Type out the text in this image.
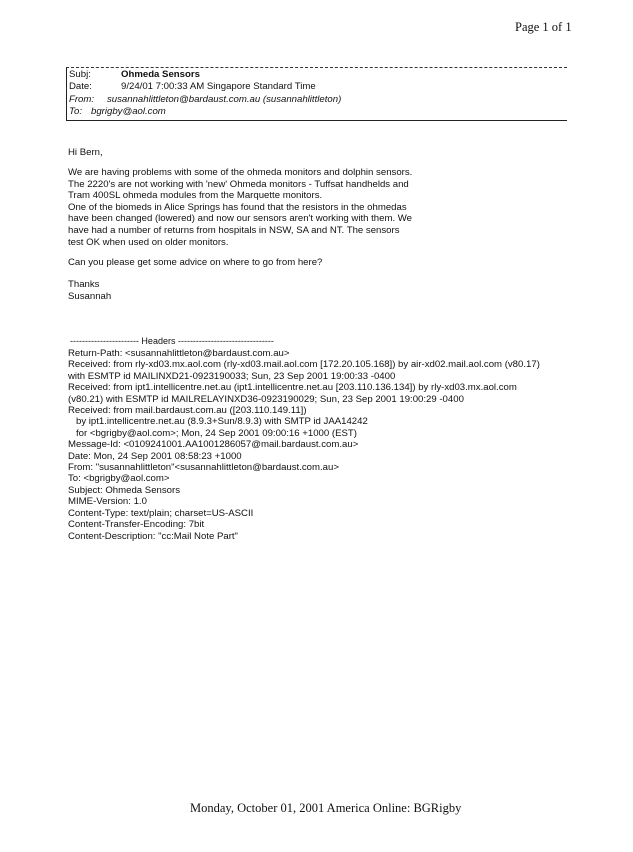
Page 1 of 1
Subj:	Ohmeda Sensors
Date:	9/24/01 7:00:33 AM Singapore Standard Time
From: susannahlittleton@bardaust.com.au (susannahlittleton)
To: bgrigby@aol.com
Hi Bern,
We are having problems with some of the ohmeda monitors and dolphin sensors.
The 2220's are not working with 'new' Ohmeda monitors - Tuffsat handhelds and
Tram 400SL ohmeda modules from the Marquette monitors.
One of the biomeds in Alice Springs has found that the resistors in the ohmedas
have been changed (lowered) and now our sensors aren't working with them. We
have had a number of returns from hospitals in NSW, SA and NT. The sensors
test OK when used on older monitors.
Can you please get some advice on where to go from here?
Thanks
Susannah
----------------------- Headers --------------------------------
Return-Path: <susannahlittleton@bardaust.com.au>
Received: from rly-xd03.mx.aol.com (rly-xd03.mail.aol.com [172.20.105.168]) by air-xd02.mail.aol.com (v80.17)
with ESMTP id MAILINXD21-0923190033; Sun, 23 Sep 2001 19:00:33 -0400
Received: from ipt1.intellicentre.net.au (ipt1.intellicentre.net.au [203.110.136.134]) by rly-xd03.mx.aol.com
(v80.21) with ESMTP id MAILRELAYINXD36-0923190029; Sun, 23 Sep 2001 19:00:29 -0400
Received: from mail.bardaust.com.au ([203.110.149.11])
by ipt1.intellicentre.net.au (8.9.3+Sun/8.9.3) with SMTP id JAA14242
for <bgrigby@aol.com>; Mon, 24 Sep 2001 09:00:16 +1000 (EST)
Message-Id: <0109241001.AA1001286057@mail.bardaust.com.au>
Date: Mon, 24 Sep 2001 08:58:23 +1000
From: "susannahlittleton"<susannahlittleton@bardaust.com.au>
To: <bgrigby@aol.com>
Subject: Ohmeda Sensors
MIME-Version: 1.0
Content-Type: text/plain; charset=US-ASCII
Content-Transfer-Encoding: 7bit
Content-Description: "cc:Mail Note Part"
Monday, October 01, 2001 America Online: BGRigby
